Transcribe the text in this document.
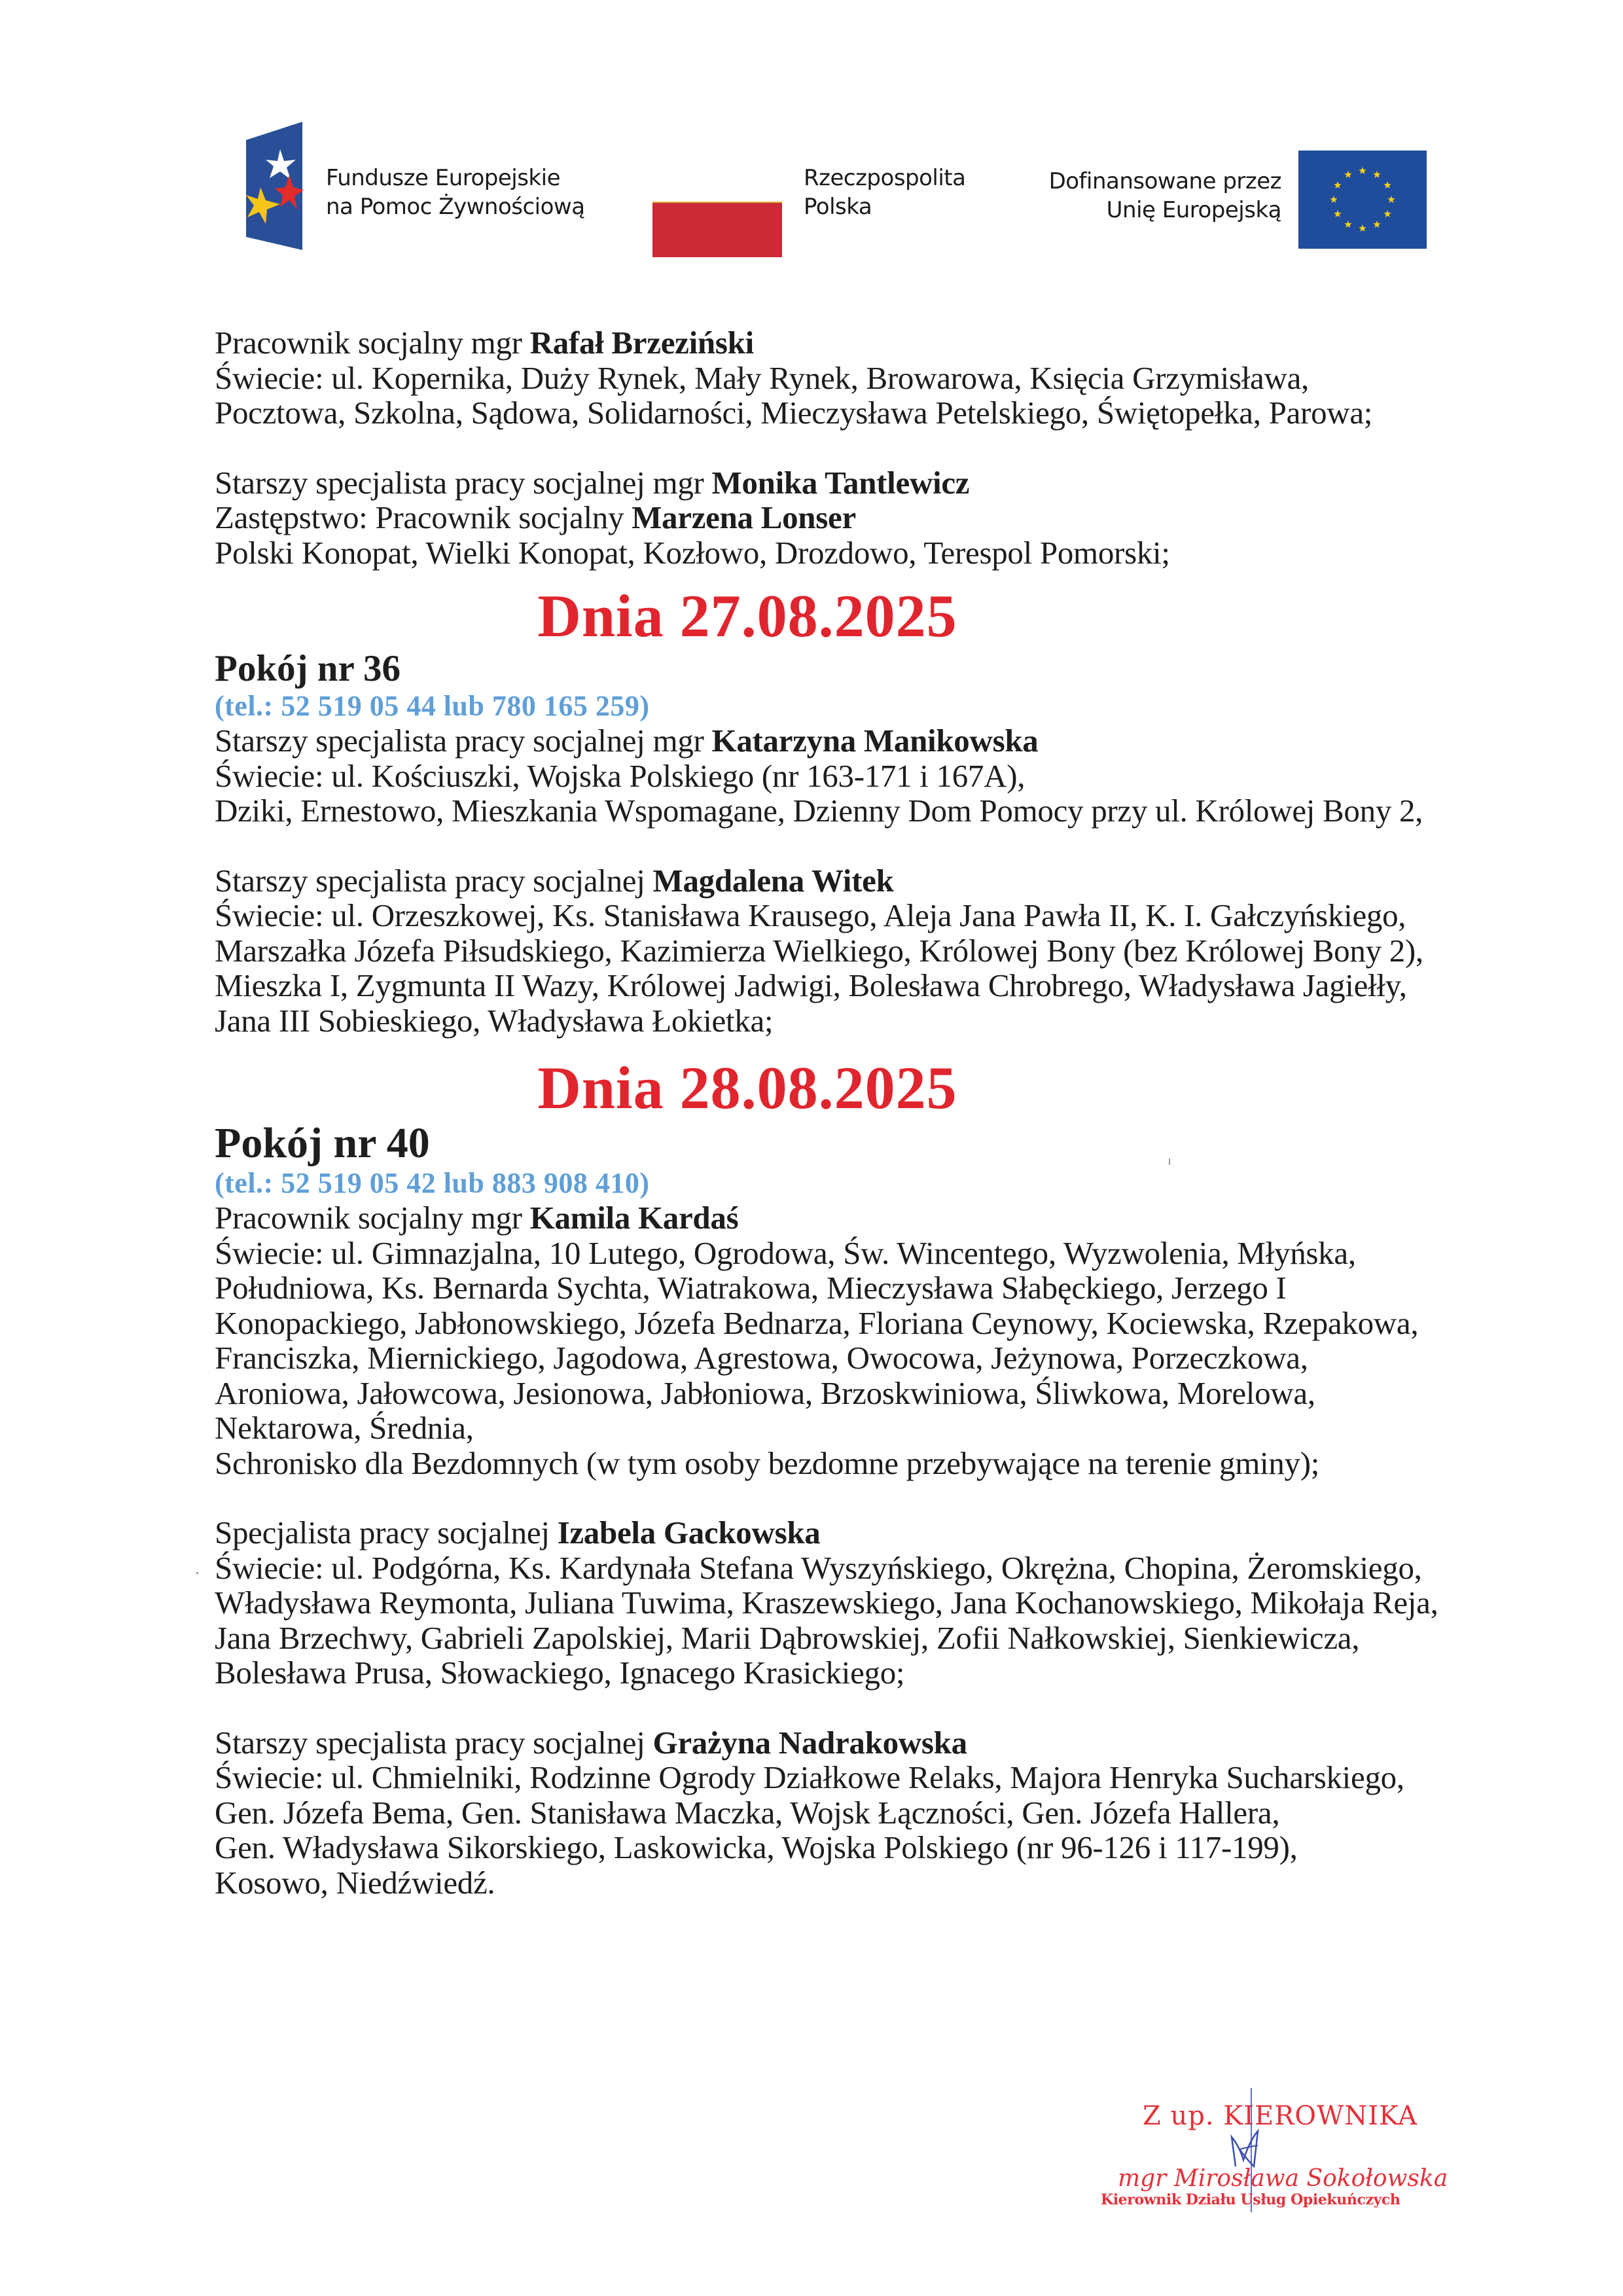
Fundusze Europejskie
na Pomoc Żywnościową
Rzeczpospolita
Polska
Dofinansowane przez
Unię Europejską
Pracownik socjalny mgr Rafał Brzeziński
Świecie: ul. Kopernika, Duży Rynek, Mały Rynek, Browarowa, Księcia Grzymisława,
Pocztowa, Szkolna, Sądowa, Solidarności, Mieczysława Petelskiego, Świętopełka, Parowa;
Starszy specjalista pracy socjalnej mgr Monika Tantlewicz
Zastępstwo: Pracownik socjalny Marzena Lonser
Polski Konopat, Wielki Konopat, Kozłowo, Drozdowo, Terespol Pomorski;
Dnia 27.08.2025
Pokój nr 36
(tel.: 52 519 05 44 lub 780 165 259)
Starszy specjalista pracy socjalnej mgr Katarzyna Manikowska
Świecie: ul. Kościuszki, Wojska Polskiego (nr 163-171 i 167A),
Dziki, Ernestowo, Mieszkania Wspomagane, Dzienny Dom Pomocy przy ul. Królowej Bony 2,
Starszy specjalista pracy socjalnej Magdalena Witek
Świecie: ul. Orzeszkowej, Ks. Stanisława Krausego, Aleja Jana Pawła II, K. I. Gałczyńskiego,
Marszałka Józefa Piłsudskiego, Kazimierza Wielkiego, Królowej Bony (bez Królowej Bony 2),
Mieszka I, Zygmunta II Wazy, Królowej Jadwigi, Bolesława Chrobrego, Władysława Jagiełły,
Jana III Sobieskiego, Władysława Łokietka;
Dnia 28.08.2025
Pokój nr 40
(tel.: 52 519 05 42 lub 883 908 410)
Pracownik socjalny mgr Kamila Kardaś
Świecie: ul. Gimnazjalna, 10 Lutego, Ogrodowa, Św. Wincentego, Wyzwolenia, Młyńska,
Południowa, Ks. Bernarda Sychta, Wiatrakowa, Mieczysława Słabęckiego, Jerzego I
Konopackiego, Jabłonowskiego, Józefa Bednarza, Floriana Ceynowy, Kociewska, Rzepakowa,
Franciszka, Miernickiego, Jagodowa, Agrestowa, Owocowa, Jeżynowa, Porzeczkowa,
Aroniowa, Jałowcowa, Jesionowa, Jabłoniowa, Brzoskwiniowa, Śliwkowa, Morelowa,
Nektarowa, Średnia,
Schronisko dla Bezdomnych (w tym osoby bezdomne przebywające na terenie gminy);
Specjalista pracy socjalnej Izabela Gackowska
Świecie: ul. Podgórna, Ks. Kardynała Stefana Wyszyńskiego, Okrężna, Chopina, Żeromskiego,
Władysława Reymonta, Juliana Tuwima, Kraszewskiego, Jana Kochanowskiego, Mikołaja Reja,
Jana Brzechwy, Gabrieli Zapolskiej, Marii Dąbrowskiej, Zofii Nałkowskiej, Sienkiewicza,
Bolesława Prusa, Słowackiego, Ignacego Krasickiego;
Starszy specjalista pracy socjalnej Grażyna Nadrakowska
Świecie: ul. Chmielniki, Rodzinne Ogrody Działkowe Relaks, Majora Henryka Sucharskiego,
Gen. Józefa Bema, Gen. Stanisława Maczka, Wojsk Łączności, Gen. Józefa Hallera,
Gen. Władysława Sikorskiego, Laskowicka, Wojska Polskiego (nr 96-126 i 117-199),
Kosowo, Niedźwiedź.
Z up. KIEROWNIKA
mgr Mirosława Sokołowska
Kierownik Działu Usług Opiekuńczych
